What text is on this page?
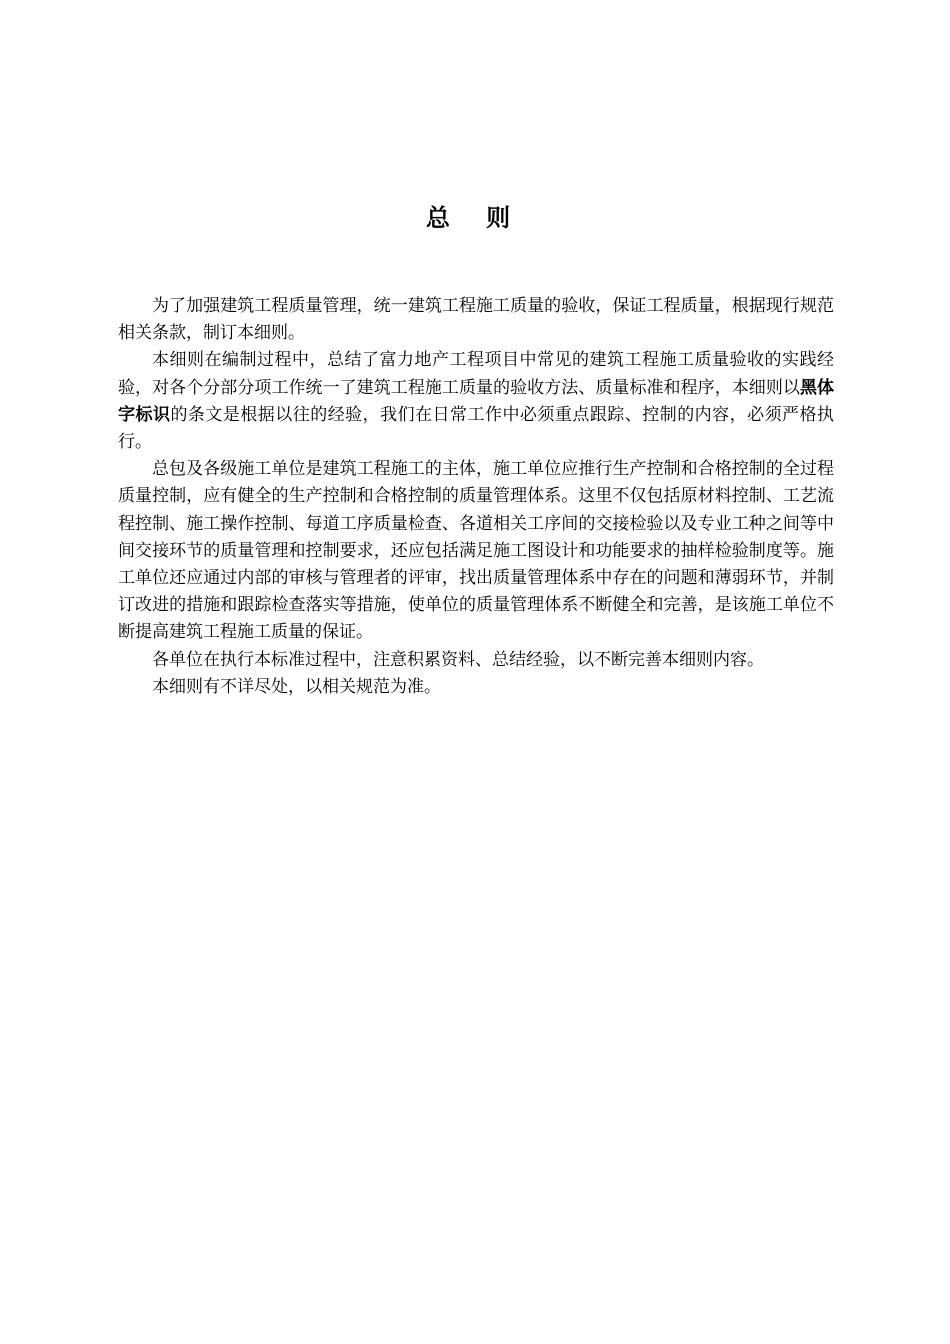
总 则

为了加强建筑工程质量管理，统一建筑工程施工质量的验收，保证工程质量，根据现行规范相关条款，制订本细则。

本细则在编制过程中，总结了富力地产工程项目中常见的建筑工程施工质量验收的实践经验，对各个分部分项工作统一了建筑工程施工质量的验收方法、质量标准和程序，本细则以黑体字标识的条文是根据以往的经验，我们在日常工作中必须重点跟踪、控制的内容，必须严格执行。

总包及各级施工单位是建筑工程施工的主体，施工单位应推行生产控制和合格控制的全过程质量控制，应有健全的生产控制和合格控制的质量管理体系。这里不仅包括原材料控制、工艺流程控制、施工操作控制、每道工序质量检查、各道相关工序间的交接检验以及专业工种之间等中间交接环节的质量管理和控制要求，还应包括满足施工图设计和功能要求的抽样检验制度等。施工单位还应通过内部的审核与管理者的评审，找出质量管理体系中存在的问题和薄弱环节，并制订改进的措施和跟踪检查落实等措施，使单位的质量管理体系不断健全和完善，是该施工单位不断提高建筑工程施工质量的保证。

各单位在执行本标准过程中，注意积累资料、总结经验，以不断完善本细则内容。

本细则有不详尽处，以相关规范为准。
